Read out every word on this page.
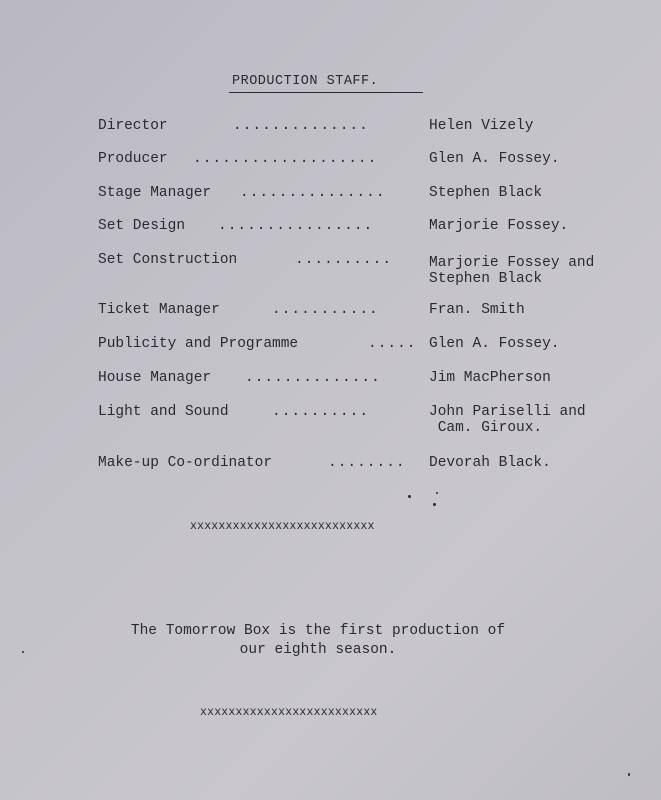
PRODUCTION STAFF.
Director	..............	Helen Vizely
Producer ...................	Glen A. Fossey.
Stage Manager ...............	Stephen Black
Set Design ................	Marjorie Fossey.
Set Construction	..........	Marjorie Fossey and
Stephen Black
Ticket Manager	...........	Fran. Smith
Publicity and Programme	..... Glen A. Fossey.
House Manager ..............	Jim MacPherson
Light and Sound	..........	John Pariselli and
Cam. Giroux.
Make-up Co-ordinator	........ Devorah Black.
xxxxxxxxxxxxxxxxxxxxxxxxxx
The Tomorrow Box is the first production of
our eighth season.
xxxxxxxxxxxxxxxxxxxxxxxxx
